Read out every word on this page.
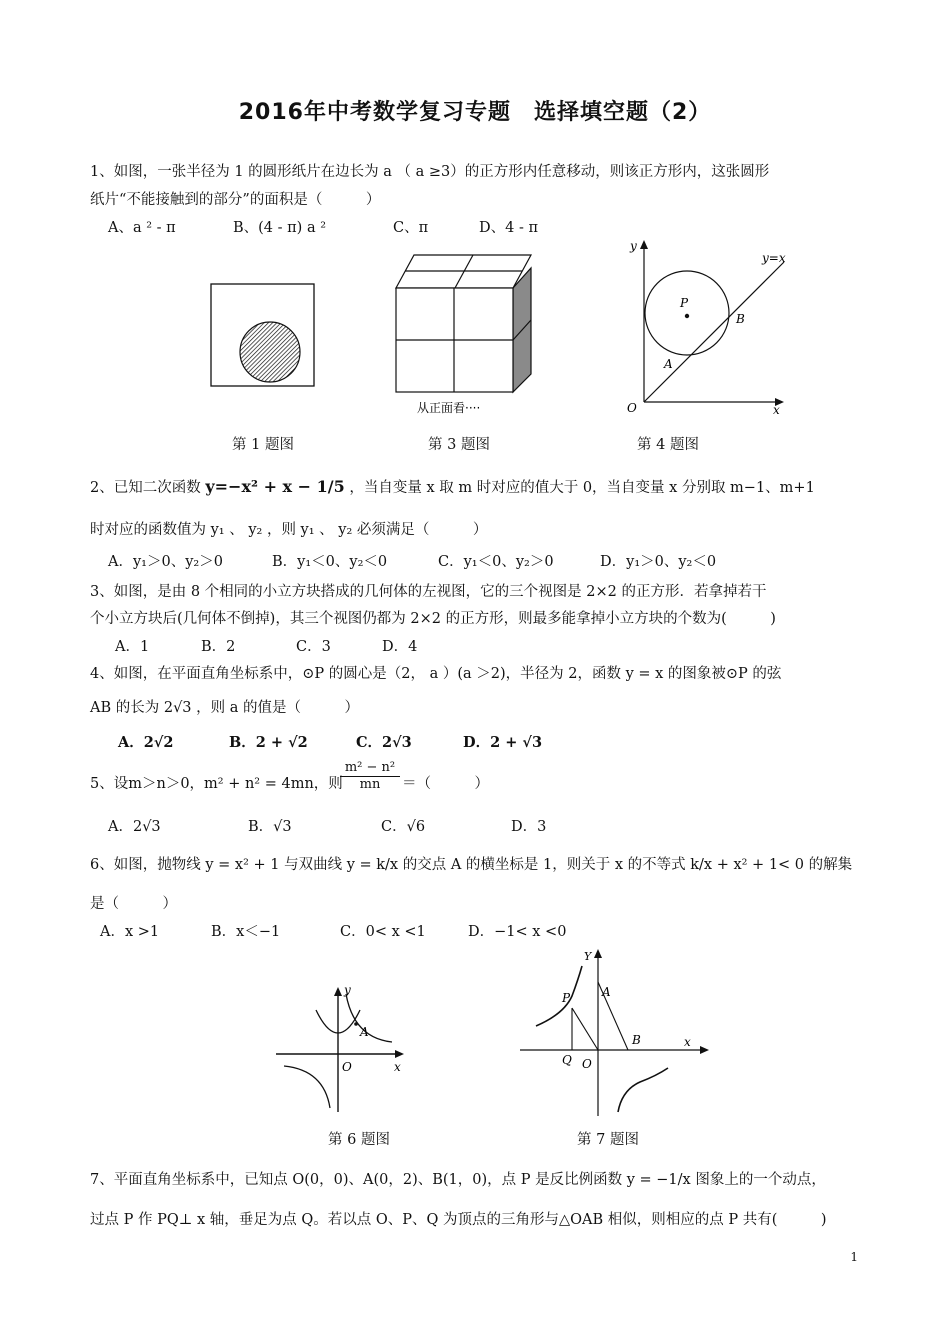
2016年中考数学复习专题　选择填空题（2）
1、如图，一张半径为 1 的圆形纸片在边长为 a （ a ≥3）的正方形内任意移动，则该正方形内，这张圆形
纸片“不能接触到的部分”的面积是（　　　）
A、a ² - π	B、(4 - π) a ²	C、π	D、4 - π
第 1 题图
从正面看····
第 3 题图
y
y=x
P
B
A
O	x
第 4 题图
2、已知二次函数 y=−x² + x − 1/5 ，当自变量 x 取 m 时对应的值大于 0，当自变量 x 分别取 m−1、m+1
时对应的函数值为 y₁ 、 y₂ ，则 y₁ 、 y₂ 必须满足（　　　）
A．y₁＞0、y₂＞0	B．y₁＜0、y₂＜0	C．y₁＜0、y₂＞0	D．y₁＞0、y₂＜0
3、如图，是由 8 个相同的小立方块搭成的几何体的左视图，它的三个视图是 2×2 的正方形．若拿掉若干
个小立方块后(几何体不倒掉)，其三个视图仍都为 2×2 的正方形，则最多能拿掉小立方块的个数为(　　　)
A．1	B．2	C．3	D．4
4、如图，在平面直角坐标系中，⊙P 的圆心是（2， a ）(a ＞2)，半径为 2，函数 y = x 的图象被⊙P 的弦
AB 的长为 2√3 ，则 a 的值是（　　　）
A．2√2	B．2 + √2	C．2√3	D．2 + √3
5、设m＞n＞0，m² + n² = 4mn，则
$\frac{\text{m² − n²}}{mn}$ ＝（　　　）
A．2√3	B．√3	C．√6	D．3
6、如图，抛物线 y = x² + 1 与双曲线 y = k/x 的交点 A 的横坐标是 1，则关于 x 的不等式 k/x + x² + 1< 0 的解集
是（　　　）
A．x >1	B．x＜−1	C．0< x <1	D．−1< x <0
y
A
O	x
第 6 题图
Y
P	A
B	x
Q O
第 7 题图
7、平面直角坐标系中，已知点 O(0，0)、A(0，2)、B(1，0)，点 P 是反比例函数 y = −1/x 图象上的一个动点，
过点 P 作 PQ⊥ x 轴，垂足为点 Q。若以点 O、P、Q 为顶点的三角形与△OAB 相似，则相应的点 P 共有(　　　)
1
